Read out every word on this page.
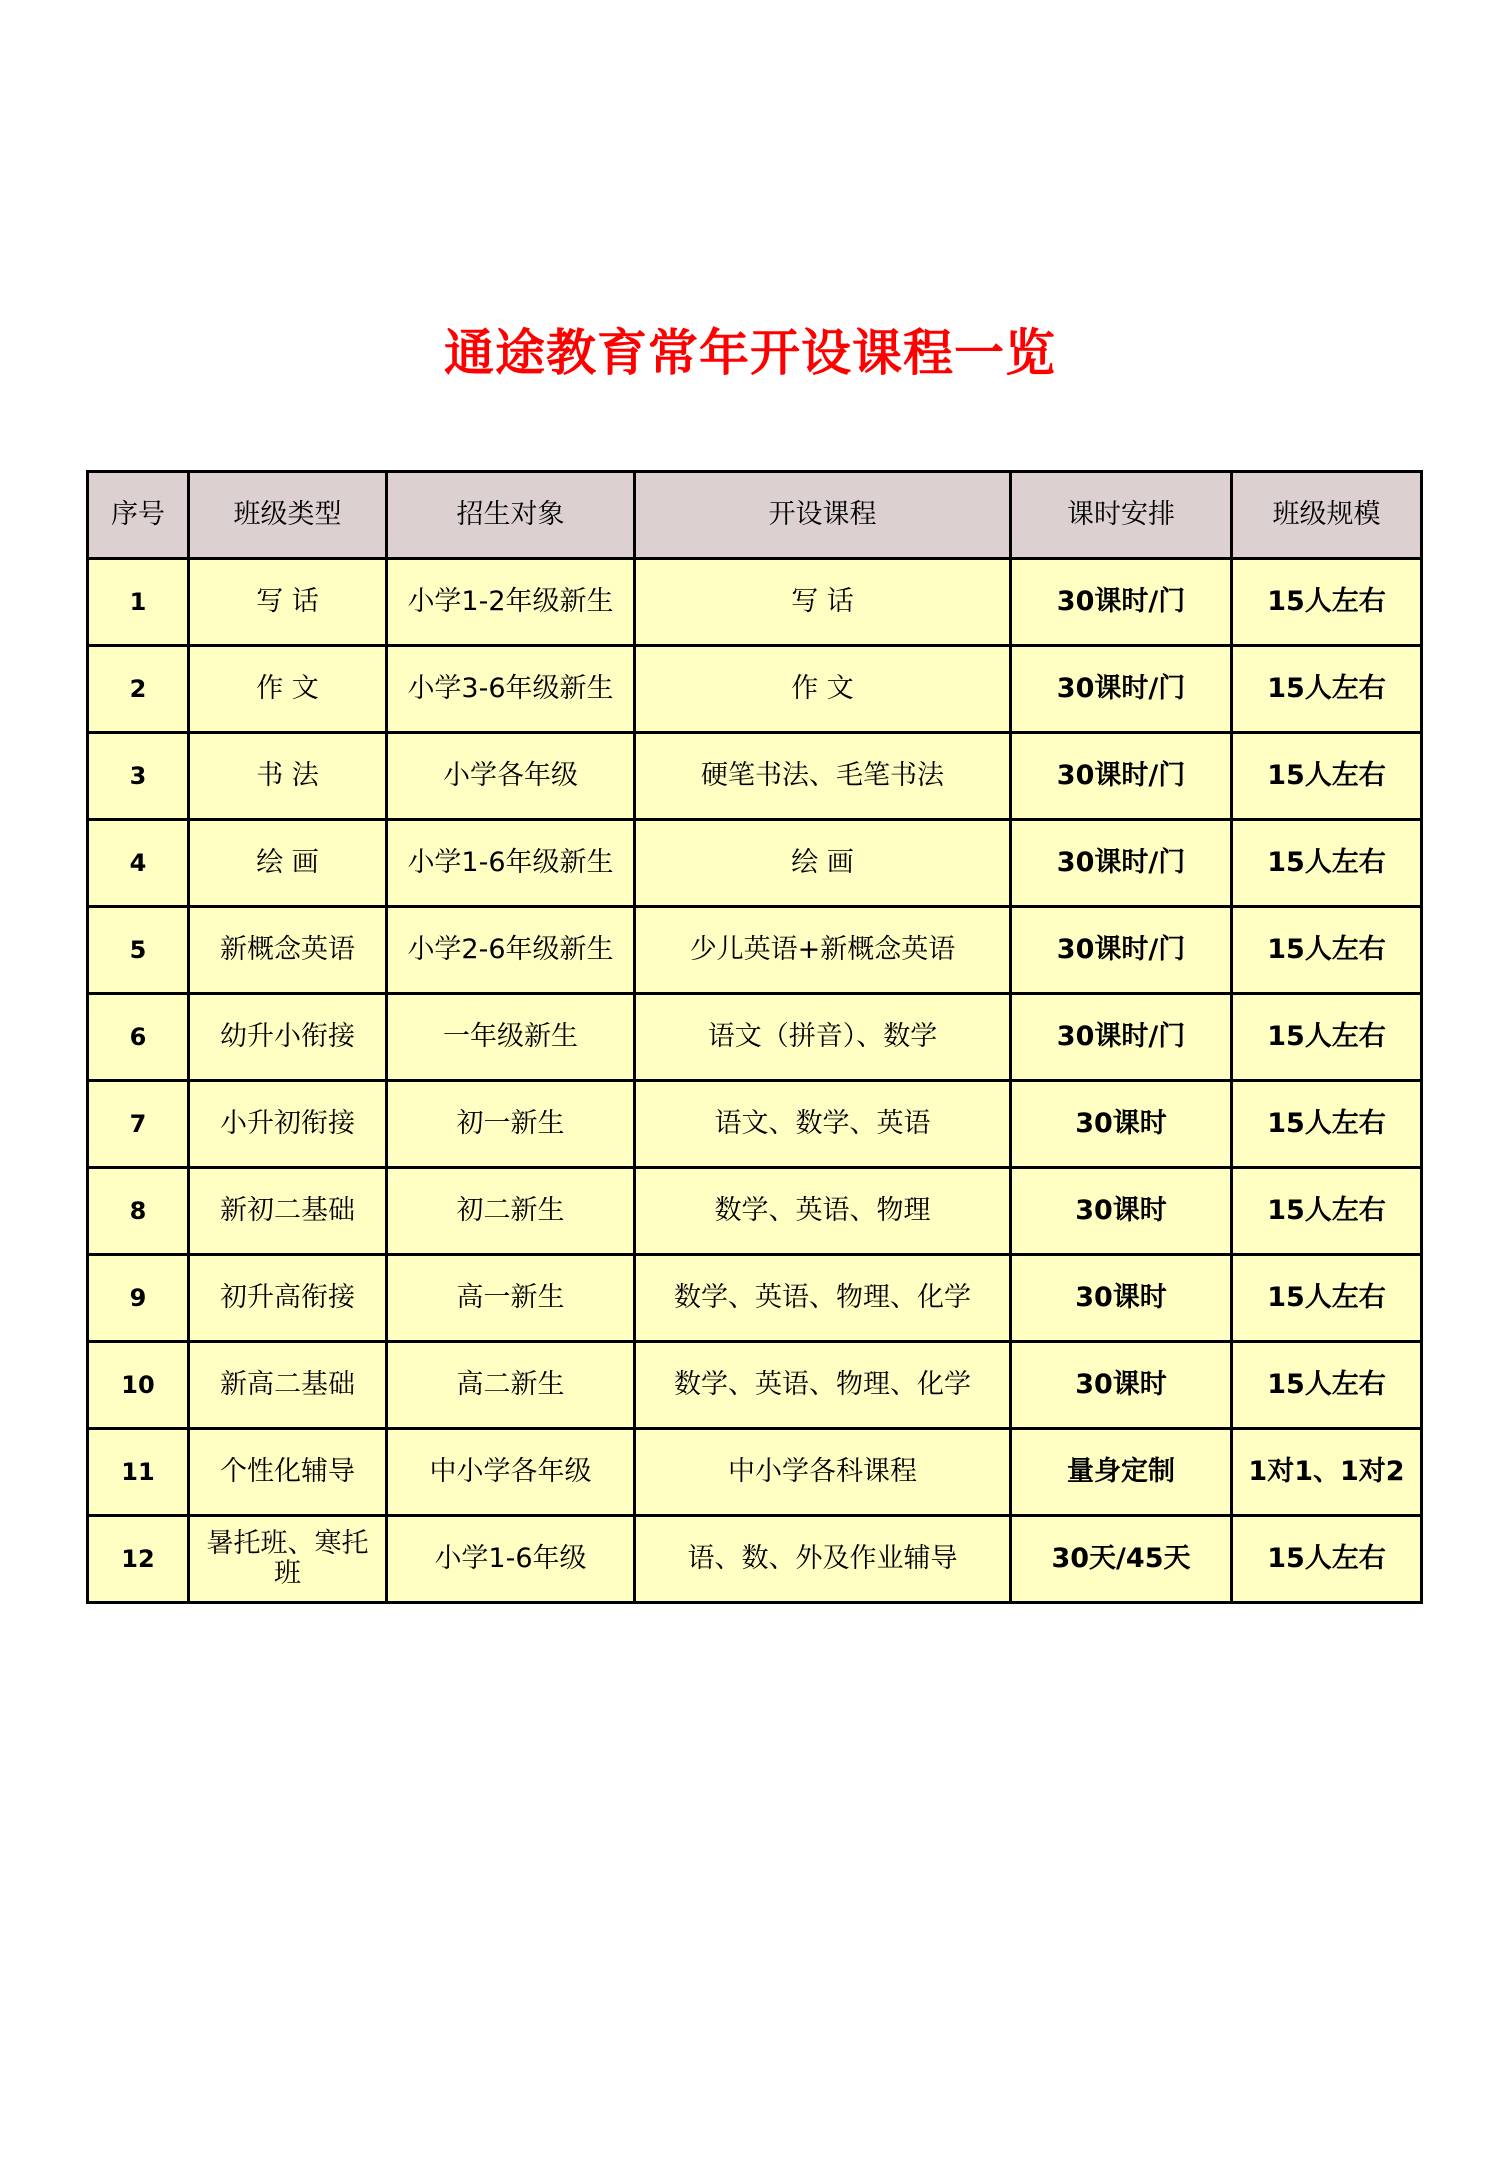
通途教育常年开设课程一览
序号	班级类型	招生对象	开设课程	课时安排	班级规模
1	写 话	小学1-2年级新生	写 话	30课时/门	15人左右
2	作 文	小学3-6年级新生	作 文	30课时/门	15人左右
3	书 法	小学各年级	硬笔书法、毛笔书法	30课时/门	15人左右
4	绘 画	小学1-6年级新生	绘 画	30课时/门	15人左右
5	新概念英语	小学2-6年级新生	少儿英语+新概念英语	30课时/门	15人左右
6	幼升小衔接	一年级新生	语文（拼音）、数学	30课时/门	15人左右
7	小升初衔接	初一新生	语文、数学、英语	30课时	15人左右
8	新初二基础	初二新生	数学、英语、物理	30课时	15人左右
9	初升高衔接	高一新生	数学、英语、物理、化学	30课时	15人左右
10	新高二基础	高二新生	数学、英语、物理、化学	30课时	15人左右
11	个性化辅导	中小学各年级	中小学各科课程	量身定制	1对1、1对2
12	暑托班、寒托班	小学1-6年级	语、数、外及作业辅导	30天/45天	15人左右
